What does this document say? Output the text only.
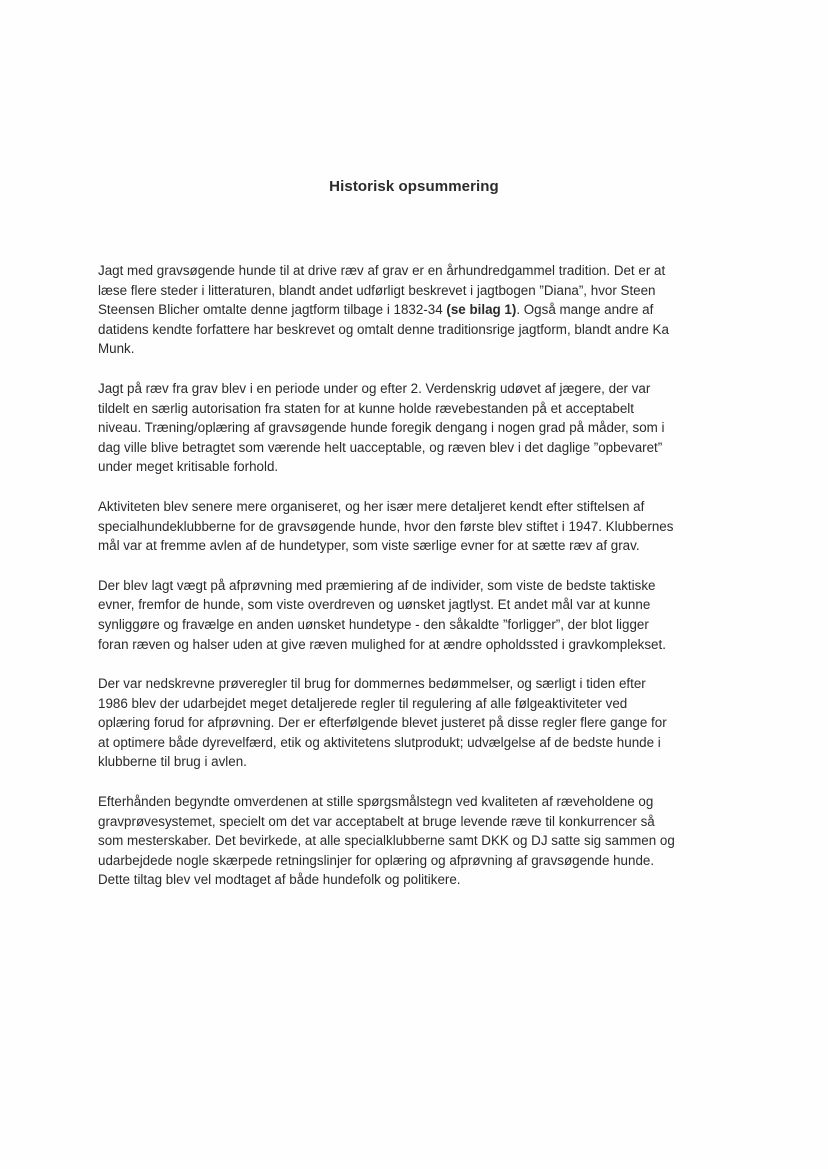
Historisk opsummering

Jagt med gravsøgende hunde til at drive ræv af grav er en århundredgammel tradition. Det er at
læse flere steder i litteraturen, blandt andet udførligt beskrevet i jagtbogen ”Diana”, hvor Steen
Steensen Blicher omtalte denne jagtform tilbage i 1832-34 (se bilag 1). Også mange andre af
datidens kendte forfattere har beskrevet og omtalt denne traditionsrige jagtform, blandt andre Ka
Munk.

Jagt på ræv fra grav blev i en periode under og efter 2. Verdenskrig udøvet af jægere, der var
tildelt en særlig autorisation fra staten for at kunne holde rævebestanden på et acceptabelt
niveau. Træning/oplæring af gravsøgende hunde foregik dengang i nogen grad på måder, som i
dag ville blive betragtet som værende helt uacceptable, og ræven blev i det daglige ”opbevaret”
under meget kritisable forhold.

Aktiviteten blev senere mere organiseret, og her især mere detaljeret kendt efter stiftelsen af
specialhundeklubberne for de gravsøgende hunde, hvor den første blev stiftet i 1947. Klubbernes
mål var at fremme avlen af de hundetyper, som viste særlige evner for at sætte ræv af grav.

Der blev lagt vægt på afprøvning med præmiering af de individer, som viste de bedste taktiske
evner, fremfor de hunde, som viste overdreven og uønsket jagtlyst. Et andet mål var at kunne
synliggøre og fravælge en anden uønsket hundetype - den såkaldte ”forligger”, der blot ligger
foran ræven og halser uden at give ræven mulighed for at ændre opholdssted i gravkomplekset.

Der var nedskrevne prøveregler til brug for dommernes bedømmelser, og særligt i tiden efter
1986 blev der udarbejdet meget detaljerede regler til regulering af alle følgeaktiviteter ved
oplæring forud for afprøvning. Der er efterfølgende blevet justeret på disse regler flere gange for
at optimere både dyrevelfærd, etik og aktivitetens slutprodukt; udvælgelse af de bedste hunde i
klubberne til brug i avlen.

Efterhånden begyndte omverdenen at stille spørgsmålstegn ved kvaliteten af ræveholdene og
gravprøvesystemet, specielt om det var acceptabelt at bruge levende ræve til konkurrencer så
som mesterskaber. Det bevirkede, at alle specialklubberne samt DKK og DJ satte sig sammen og
udarbejdede nogle skærpede retningslinjer for oplæring og afprøvning af gravsøgende hunde.
Dette tiltag blev vel modtaget af både hundefolk og politikere.
